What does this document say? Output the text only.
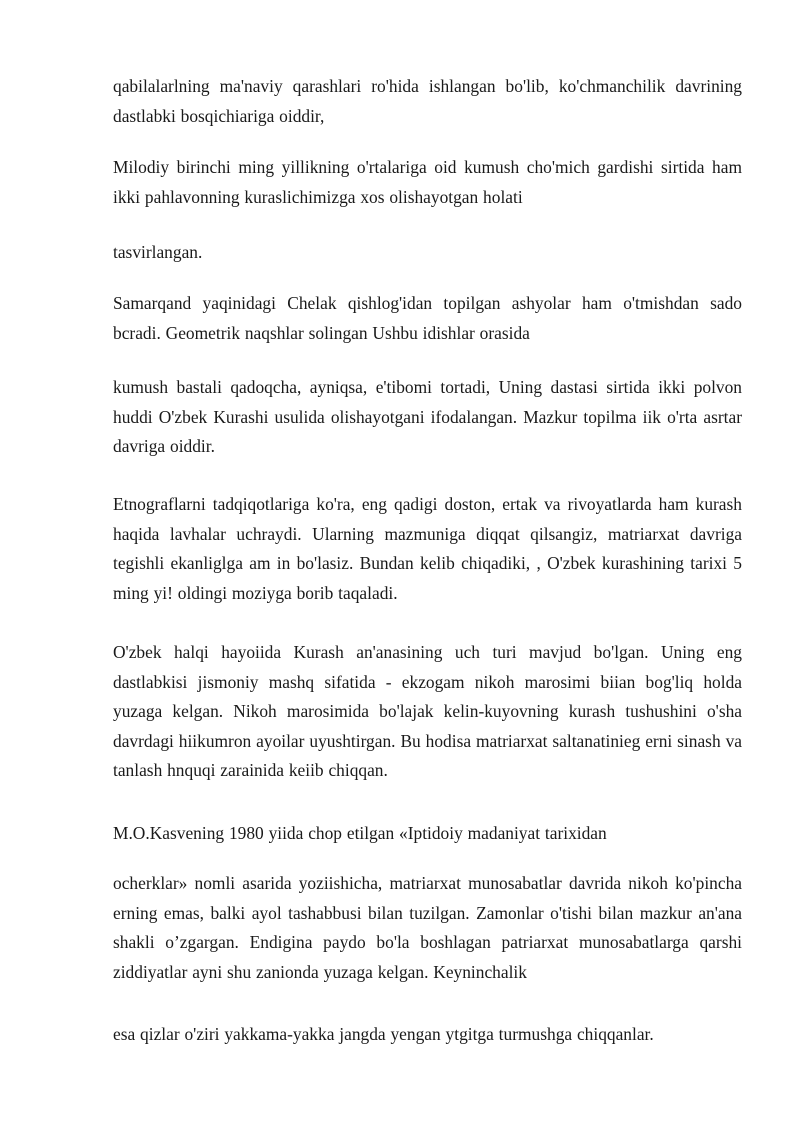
qabilalarlning ma'naviy qarashlari ro'hida ishlangan bo'lib, ko'chmanchilik davrining dastlabki bosqichiariga oiddir,

Milodiy birinchi ming yillikning o'rtalariga oid kumush cho'mich gardishi sirtida ham ikki pahlavonning kuraslichimizga xos olishayotgan holati

tasvirlangan.

Samarqand yaqinidagi Chelak qishlog'idan topilgan ashyolar ham o'tmishdan sado bcradi. Geometrik naqshlar solingan Ushbu idishlar orasida

kumush bastali qadoqcha, ayniqsa, e'tibomi tortadi, Uning dastasi sirtida ikki polvon huddi O'zbek Kurashi usulida olishayotgani ifodalangan. Mazkur topilma iik o'rta asrtar davriga oiddir.

Etnograflarni tadqiqotlariga ko'ra, eng qadigi doston, ertak va rivoyatlarda ham kurash haqida lavhalar uchraydi. Ularning mazmuniga diqqat qilsangiz, matriarxat davriga tegishli ekanliglga am in bo'lasiz. Bundan kelib chiqadiki, , O'zbek kurashining tarixi 5 ming yi! oldingi moziyga borib taqaladi.

O'zbek halqi hayoiida Kurash an'anasining uch turi mavjud bo'lgan. Uning eng dastlabkisi jismoniy mashq sifatida - ekzogam nikoh marosimi biian bog'liq holda yuzaga kelgan. Nikoh marosimida bo'lajak kelin-kuyovning kurash tushushini o'sha davrdagi hiikumron ayoilar uyushtirgan. Bu hodisa matriarxat saltanatinieg erni sinash va tanlash hnquqi zarainida keiib chiqqan.

M.O.Kasvening 1980 yiida chop etilgan «Iptidoiy madaniyat tarixidan

ocherklar» nomli asarida yoziishicha, matriarxat munosabatlar davrida nikoh ko'pincha erning emas, balki ayol tashabbusi bilan tuzilgan. Zamonlar o'tishi bilan mazkur an'ana shakli o’zgargan. Endigina paydo bo'la boshlagan patriarxat munosabatlarga qarshi ziddiyatlar ayni shu zanionda yuzaga kelgan. Keyninchalik

esa qizlar o'ziri yakkama-yakka jangda yengan ytgitga turmushga chiqqanlar.
